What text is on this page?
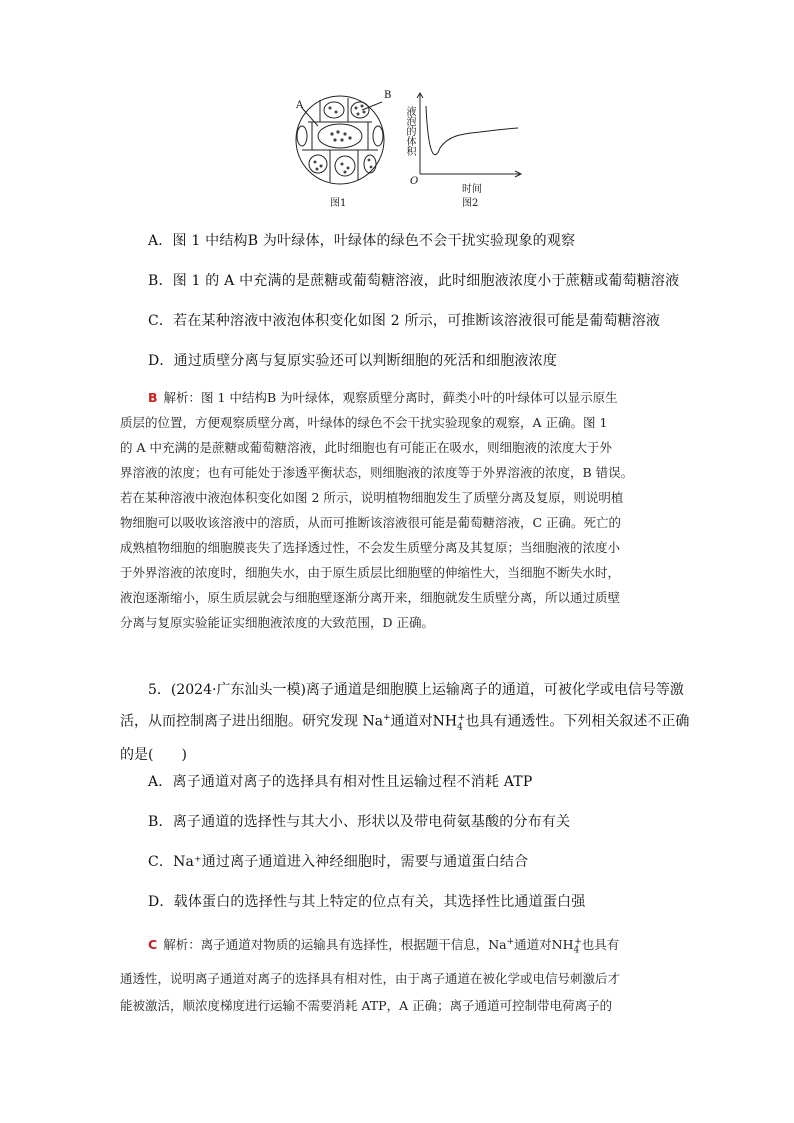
A
B
液泡的体积
O
时间
图1	图2
A．图 1 中结构B 为叶绿体，叶绿体的绿色不会干扰实验现象的观察
B．图 1 的 A 中充满的是蔗糖或葡萄糖溶液，此时细胞液浓度小于蔗糖或葡萄糖溶液
C．若在某种溶液中液泡体积变化如图 2 所示，可推断该溶液很可能是葡萄糖溶液
D．通过质壁分离与复原实验还可以判断细胞的死活和细胞液浓度
B 解析：图 1 中结构B 为叶绿体，观察质壁分离时，藓类小叶的叶绿体可以显示原生
质层的位置，方便观察质壁分离，叶绿体的绿色不会干扰实验现象的观察，A 正确。图 1
的 A 中充满的是蔗糖或葡萄糖溶液，此时细胞也有可能正在吸水，则细胞液的浓度大于外
界溶液的浓度；也有可能处于渗透平衡状态，则细胞液的浓度等于外界溶液的浓度，B 错误。
若在某种溶液中液泡体积变化如图 2 所示，说明植物细胞发生了质壁分离及复原，则说明植
物细胞可以吸收该溶液中的溶质，从而可推断该溶液很可能是葡萄糖溶液，C 正确。死亡的
成熟植物细胞的细胞膜丧失了选择透过性，不会发生质壁分离及其复原；当细胞液的浓度小
于外界溶液的浓度时，细胞失水，由于原生质层比细胞壁的伸缩性大，当细胞不断失水时，
液泡逐渐缩小，原生质层就会与细胞壁逐渐分离开来，细胞就发生质壁分离，所以通过质壁
分离与复原实验能证实细胞液浓度的大致范围，D 正确。
5．(2024·广东汕头一模)离子通道是细胞膜上运输离子的通道，可被化学或电信号等激
活，从而控制离子进出细胞。研究发现 Na+通道对$NH_4^+$也具有通透性。下列相关叙述不正确
的是(　　)
A．离子通道对离子的选择具有相对性且运输过程不消耗 ATP
B．离子通道的选择性与其大小、形状以及带电荷氨基酸的分布有关
C．Na⁺通过离子通道进入神经细胞时，需要与通道蛋白结合
D．载体蛋白的选择性与其上特定的位点有关，其选择性比通道蛋白强
C 解析：离子通道对物质的运输具有选择性，根据题干信息，Na+通道对$NH_4^+$也具有
通透性，说明离子通道对离子的选择具有相对性，由于离子通道在被化学或电信号刺激后才
能被激活，顺浓度梯度进行运输不需要消耗 ATP，A 正确；离子通道可控制带电荷离子的
